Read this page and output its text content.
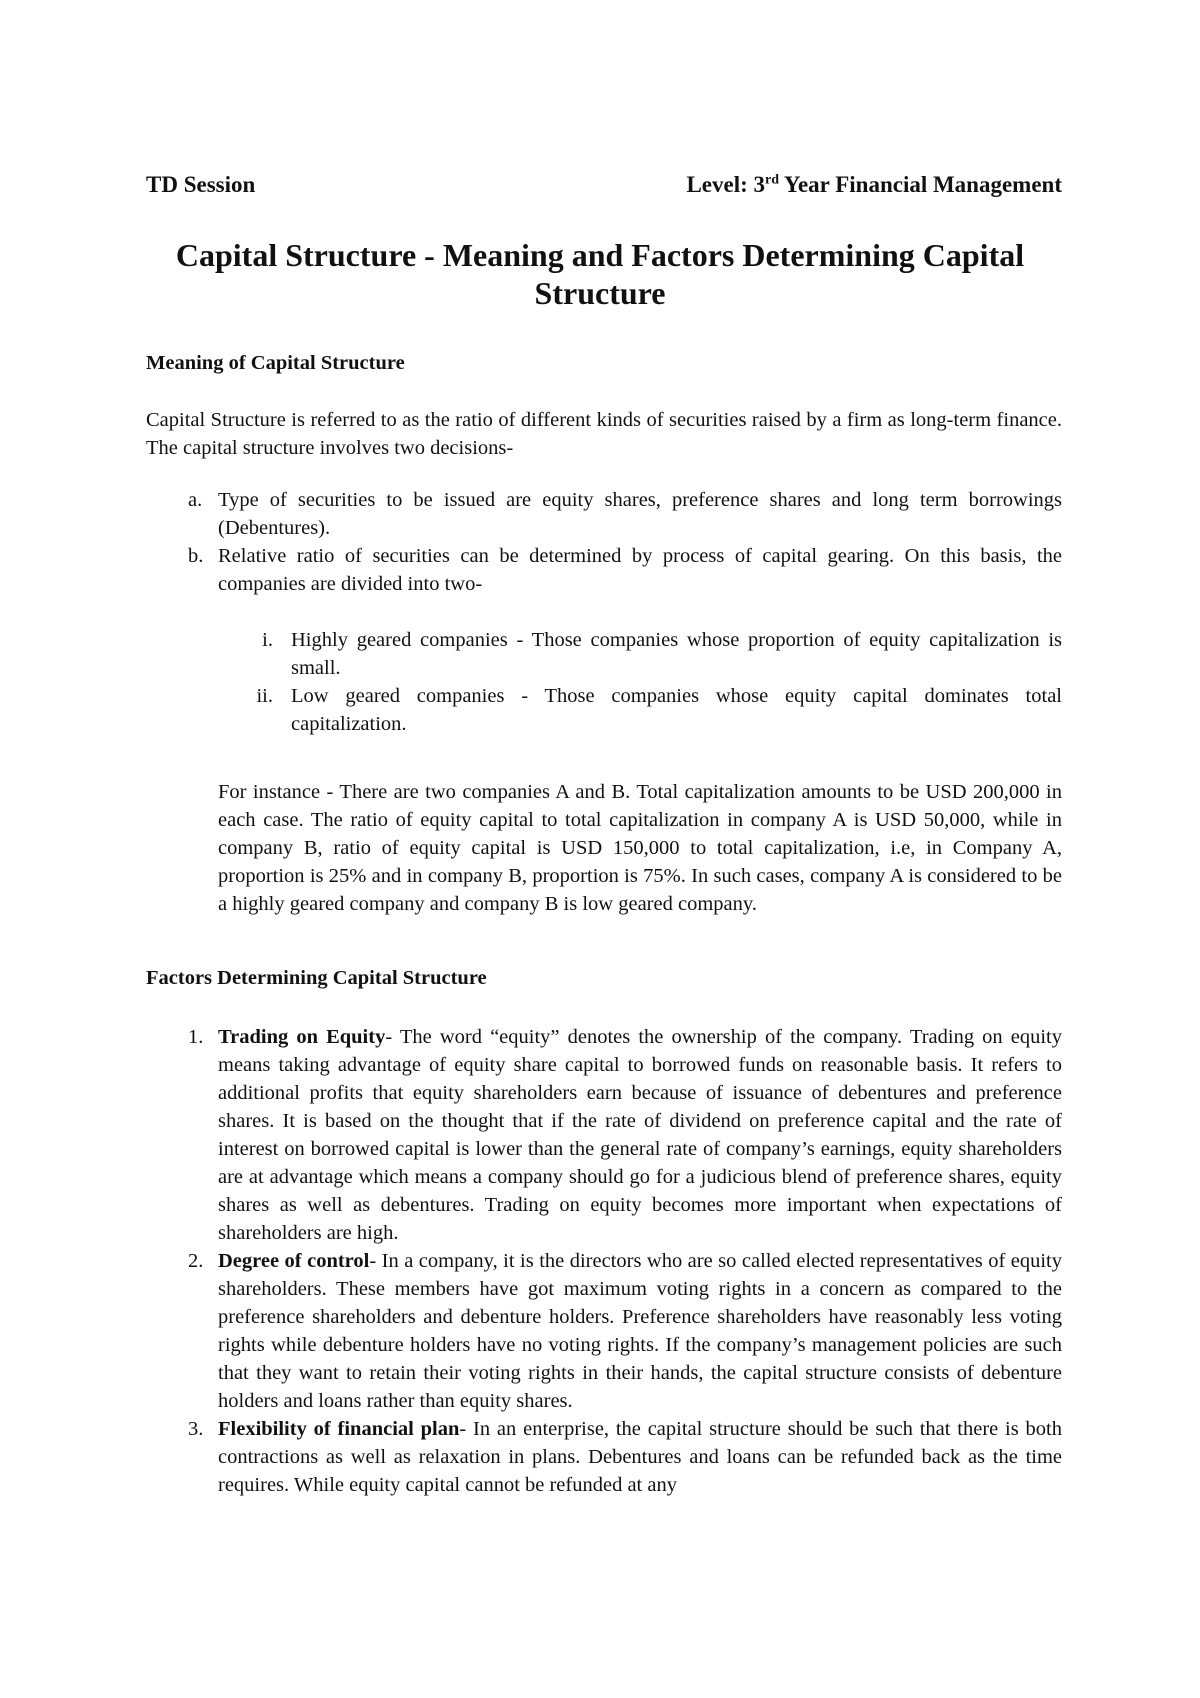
TD Session	Level: 3rd Year Financial Management
Capital Structure - Meaning and Factors Determining Capital Structure
Meaning of Capital Structure
Capital Structure is referred to as the ratio of different kinds of securities raised by a firm as long-term finance. The capital structure involves two decisions-
a. Type of securities to be issued are equity shares, preference shares and long term borrowings (Debentures).
b. Relative ratio of securities can be determined by process of capital gearing. On this basis, the companies are divided into two-
i. Highly geared companies - Those companies whose proportion of equity capitalization is small.
ii. Low geared companies - Those companies whose equity capital dominates total capitalization.
For instance - There are two companies A and B. Total capitalization amounts to be USD 200,000 in each case. The ratio of equity capital to total capitalization in company A is USD 50,000, while in company B, ratio of equity capital is USD 150,000 to total capitalization, i.e, in Company A, proportion is 25% and in company B, proportion is 75%. In such cases, company A is considered to be a highly geared company and company B is low geared company.
Factors Determining Capital Structure
1. Trading on Equity- The word “equity” denotes the ownership of the company. Trading on equity means taking advantage of equity share capital to borrowed funds on reasonable basis. It refers to additional profits that equity shareholders earn because of issuance of debentures and preference shares. It is based on the thought that if the rate of dividend on preference capital and the rate of interest on borrowed capital is lower than the general rate of company’s earnings, equity shareholders are at advantage which means a company should go for a judicious blend of preference shares, equity shares as well as debentures. Trading on equity becomes more important when expectations of shareholders are high.
2. Degree of control- In a company, it is the directors who are so called elected representatives of equity shareholders. These members have got maximum voting rights in a concern as compared to the preference shareholders and debenture holders. Preference shareholders have reasonably less voting rights while debenture holders have no voting rights. If the company’s management policies are such that they want to retain their voting rights in their hands, the capital structure consists of debenture holders and loans rather than equity shares.
3. Flexibility of financial plan- In an enterprise, the capital structure should be such that there is both contractions as well as relaxation in plans. Debentures and loans can be refunded back as the time requires. While equity capital cannot be refunded at any
